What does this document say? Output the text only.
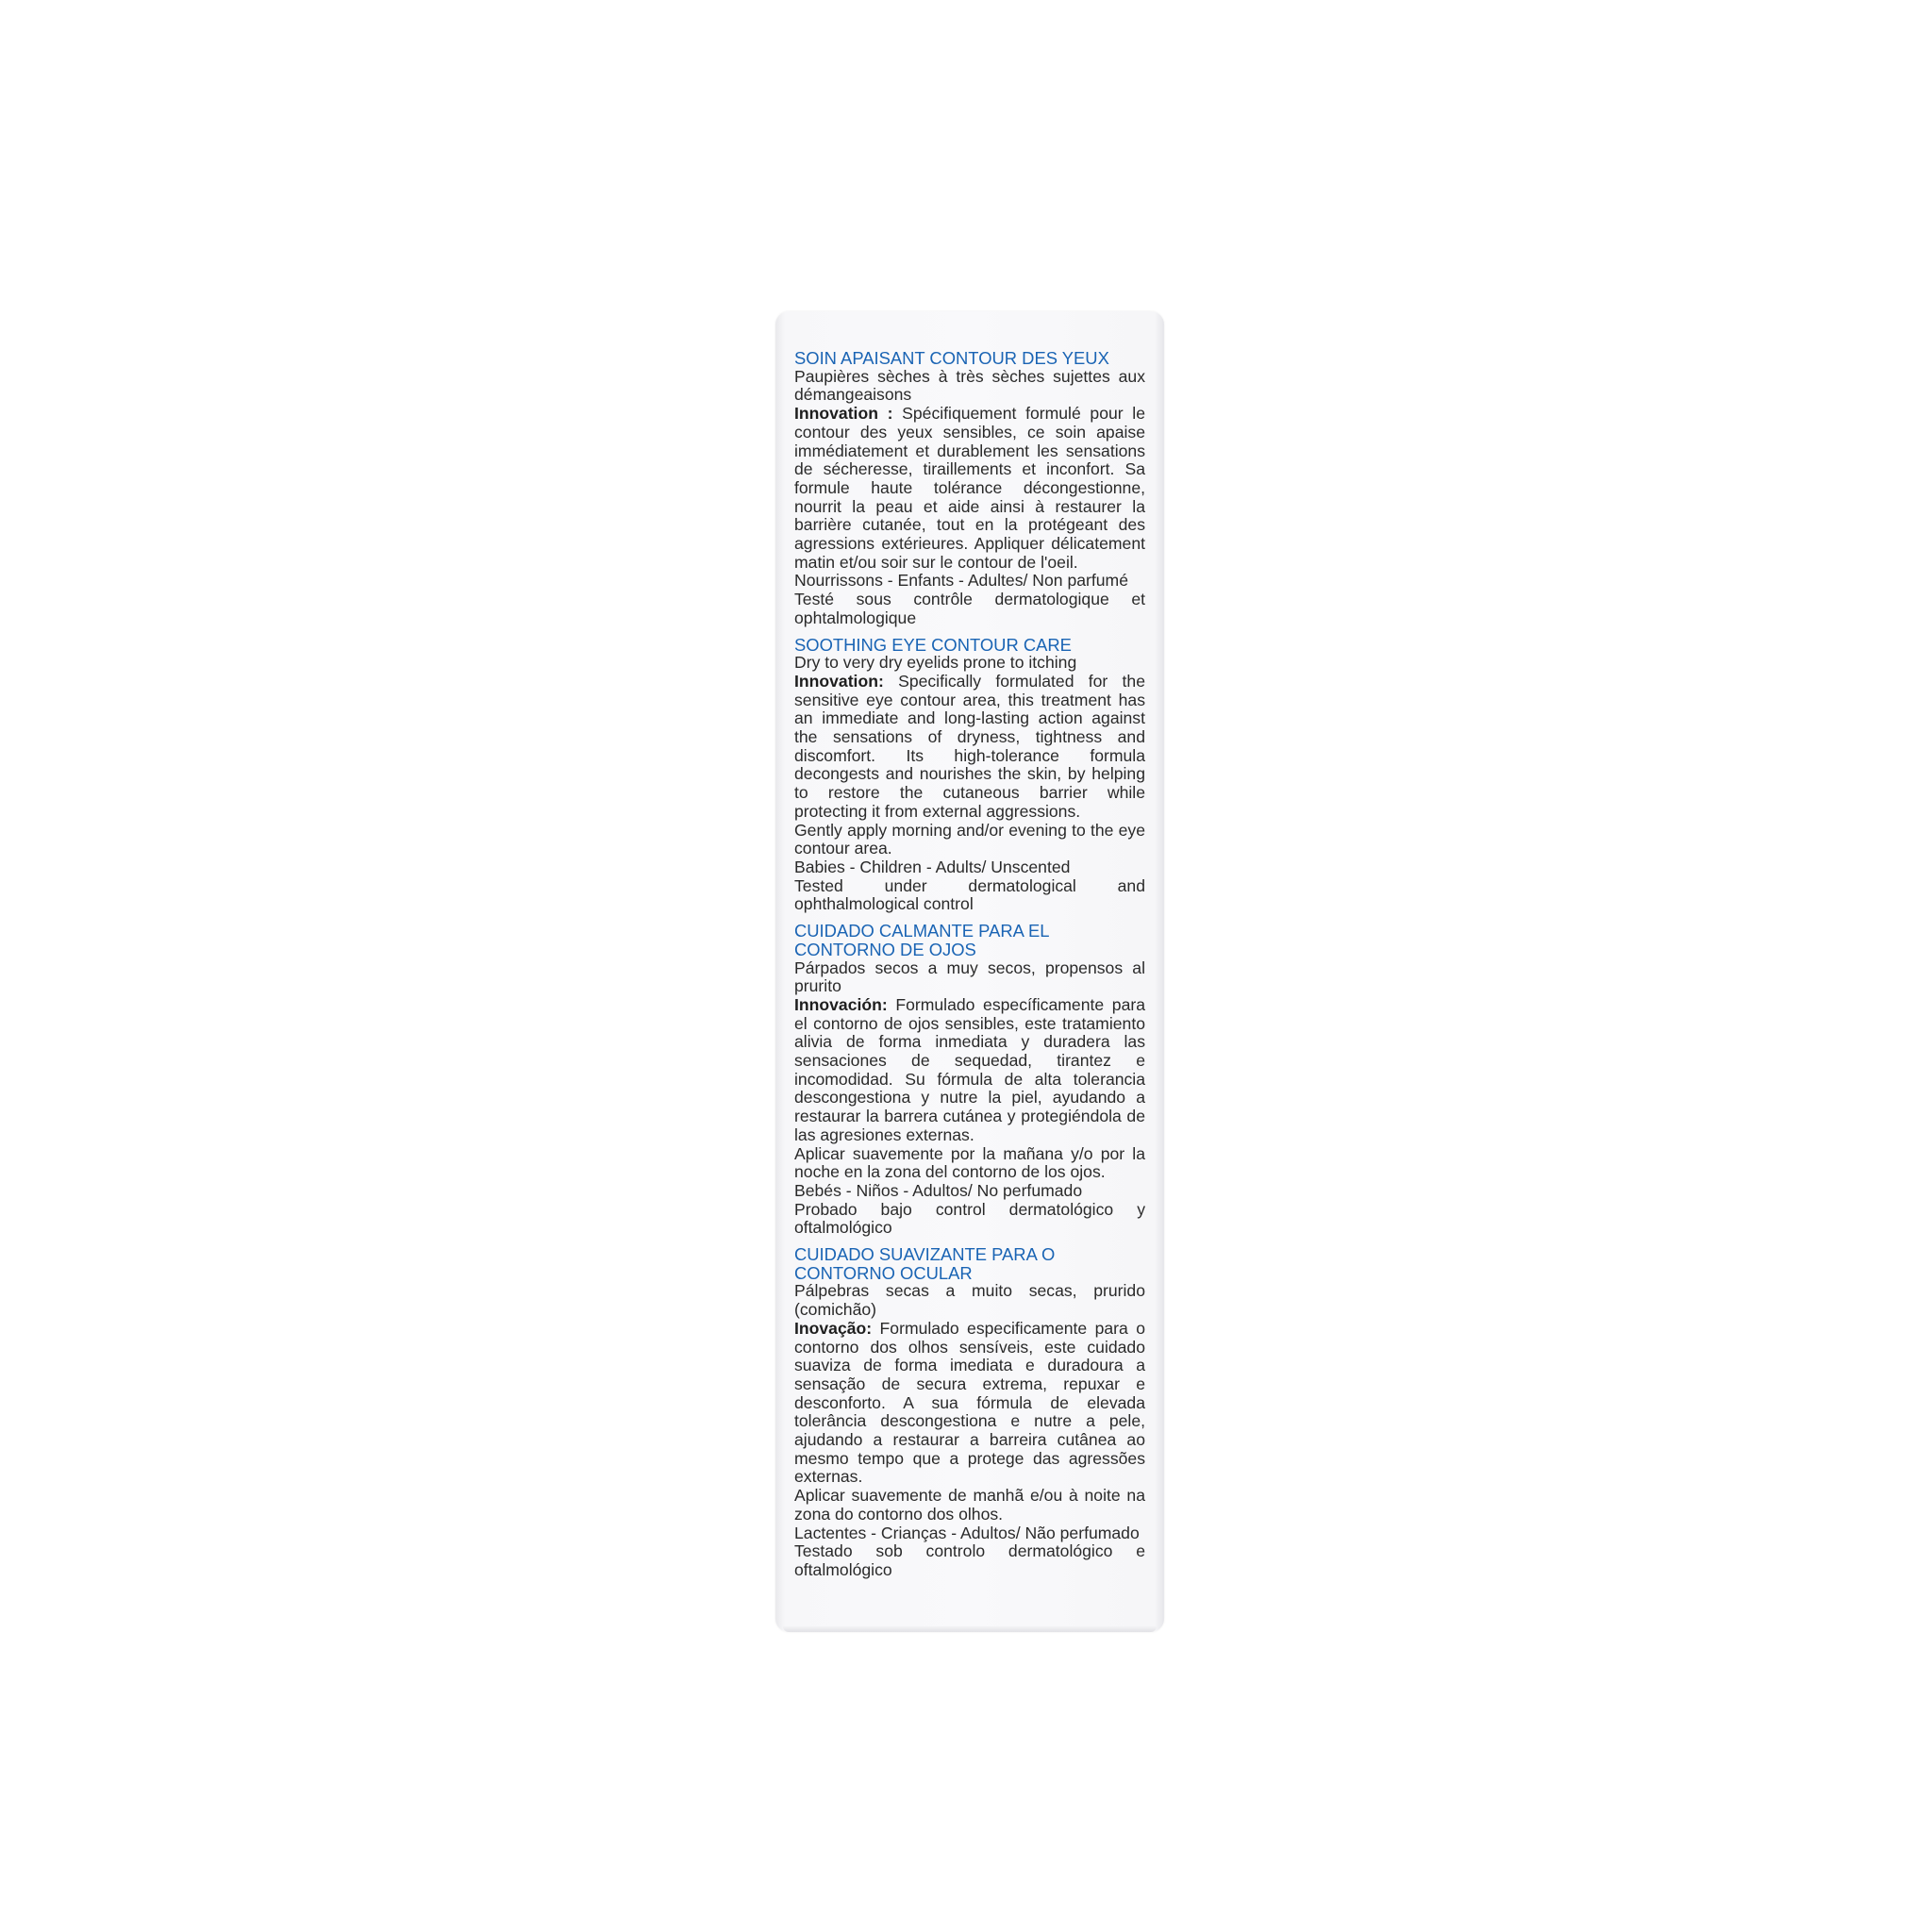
SOIN APAISANT CONTOUR DES YEUX
Paupières sèches à très sèches sujettes aux démangeaisons
Innovation : Spécifiquement formulé pour le contour des yeux sensibles, ce soin apaise immédiatement et durablement les sensations de sécheresse, tiraillements et inconfort. Sa formule haute tolérance décongestionne, nourrit la peau et aide ainsi à restaurer la barrière cutanée, tout en la protégeant des agressions extérieures. Appliquer délicatement matin et/ou soir sur le contour de l'oeil.
Nourrissons - Enfants - Adultes/ Non parfumé
Testé sous contrôle dermatologique et ophtalmologique
SOOTHING EYE CONTOUR CARE
Dry to very dry eyelids prone to itching
Innovation: Specifically formulated for the sensitive eye contour area, this treatment has an immediate and long-lasting action against the sensations of dryness, tightness and discomfort. Its high-tolerance formula decongests and nourishes the skin, by helping to restore the cutaneous barrier while protecting it from external aggressions.
Gently apply morning and/or evening to the eye contour area.
Babies - Children - Adults/ Unscented
Tested under dermatological and ophthalmological control
CUIDADO CALMANTE PARA EL CONTORNO DE OJOS
Párpados secos a muy secos, propensos al prurito
Innovación: Formulado específicamente para el contorno de ojos sensibles, este tratamiento alivia de forma inmediata y duradera las sensaciones de sequedad, tirantez e incomodidad. Su fórmula de alta tolerancia descongestiona y nutre la piel, ayudando a restaurar la barrera cutánea y protegiéndola de las agresiones externas.
Aplicar suavemente por la mañana y/o por la noche en la zona del contorno de los ojos.
Bebés - Niños - Adultos/ No perfumado
Probado bajo control dermatológico y oftalmológico
CUIDADO SUAVIZANTE PARA O CONTORNO OCULAR
Pálpebras secas a muito secas, prurido (comichão)
Inovação: Formulado especificamente para o contorno dos olhos sensíveis, este cuidado suaviza de forma imediata e duradoura a sensação de secura extrema, repuxar e desconforto. A sua fórmula de elevada tolerância descongestiona e nutre a pele, ajudando a restaurar a barreira cutânea ao mesmo tempo que a protege das agressões externas.
Aplicar suavemente de manhã e/ou à noite na zona do contorno dos olhos.
Lactentes - Crianças - Adultos/ Não perfumado
Testado sob controlo dermatológico e oftalmológico
